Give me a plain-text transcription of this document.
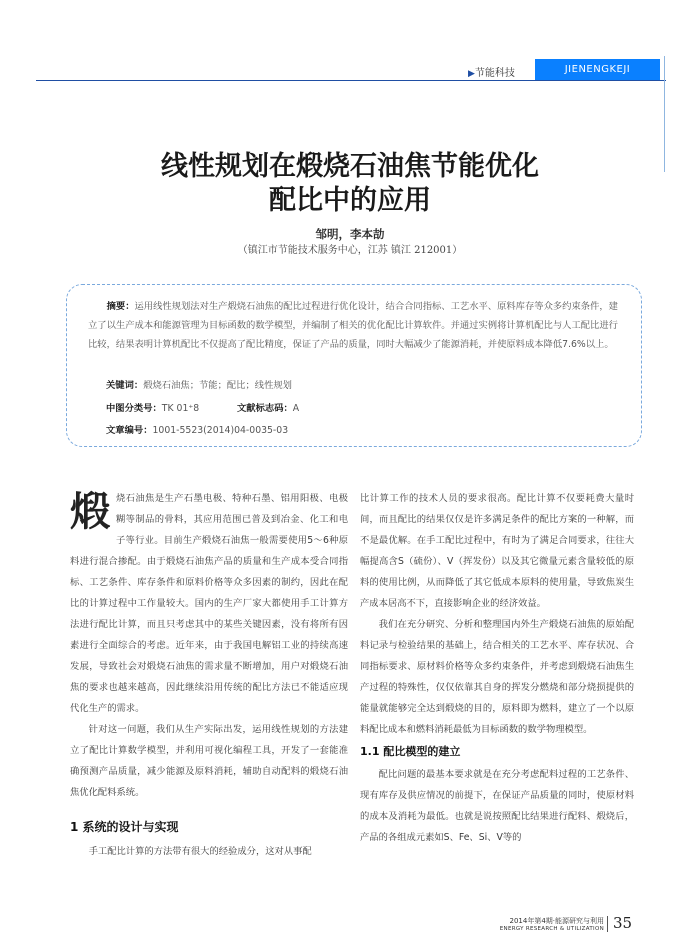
▶节能科技	JIENENGKEJI
线性规划在煅烧石油焦节能优化
配比中的应用
邹明，李本劼
（镇江市节能技术服务中心，江苏 镇江 212001）
摘要：运用线性规划法对生产煅烧石油焦的配比过程进行优化设计，结合合同指标、工艺水平、原料库存等众多约束条件，建立了以生产成本和能源管理为目标函数的数学模型，并编制了相关的优化配比计算软件。并通过实例将计算机配比与人工配比进行比较，结果表明计算机配比不仅提高了配比精度，保证了产品的质量，同时大幅减少了能源消耗，并使原料成本降低7.6%以上。
关键词：煅烧石油焦；节能；配比；线性规划
中图分类号：TK 01⁺8	文献标志码：A
文章编号：1001-5523(2014)04-0035-03

煅烧石油焦是生产石墨电极、特种石墨、铝用阳极、电极糊等制品的骨料，其应用范围已普及到冶金、化工和电子等行业。目前生产煅烧石油焦一般需要使用5～6种原料进行混合掺配。由于煅烧石油焦产品的质量和生产成本受合同指标、工艺条件、库存条件和原料价格等众多因素的制约，因此在配比的计算过程中工作量较大。国内的生产厂家大都使用手工计算方法进行配比计算，而且只考虑其中的某些关键因素，没有将所有因素进行全面综合的考虑。近年来，由于我国电解铝工业的持续高速发展，导致社会对煅烧石油焦的需求量不断增加，用户对煅烧石油焦的要求也越来越高，因此继续沿用传统的配比方法已不能适应现代化生产的需求。

针对这一问题，我们从生产实际出发，运用线性规划的方法建立了配比计算数学模型，并利用可视化编程工具，开发了一套能准确预测产品质量，减少能源及原料消耗，辅助自动配料的煅烧石油焦优化配料系统。

1 系统的设计与实现

手工配比计算的方法带有很大的经验成分，这对从事配

比计算工作的技术人员的要求很高。配比计算不仅要耗费大量时间，而且配比的结果仅仅是许多满足条件的配比方案的一种解，而不是最优解。在手工配比过程中，有时为了满足合同要求，往往大幅提高含S（硫份）、V（挥发份）以及其它微量元素含量较低的原料的使用比例，从而降低了其它低成本原料的使用量，导致焦炭生产成本居高不下，直接影响企业的经济效益。

我们在充分研究、分析和整理国内外生产煅烧石油焦的原始配料记录与检验结果的基础上，结合相关的工艺水平、库存状况、合同指标要求、原材料价格等众多约束条件，并考虑到煅烧石油焦生产过程的特殊性，仅仅依靠其自身的挥发分燃烧和部分烧损提供的能量就能够完全达到煅烧的目的，原料即为燃料，建立了一个以原料配比成本和燃料消耗最低为目标函数的数学物理模型。

1.1 配比模型的建立

配比问题的最基本要求就是在充分考虑配料过程的工艺条件、现有库存及供应情况的前提下，在保证产品质量的同时，使原材料的成本及消耗为最低。也就是说按照配比结果进行配料、煅烧后，产品的各组成元素如S、Fe、Si、V等的

2014年第4期·能源研究与利用
ENERGY RESEARCH & UTILIZATION 35
